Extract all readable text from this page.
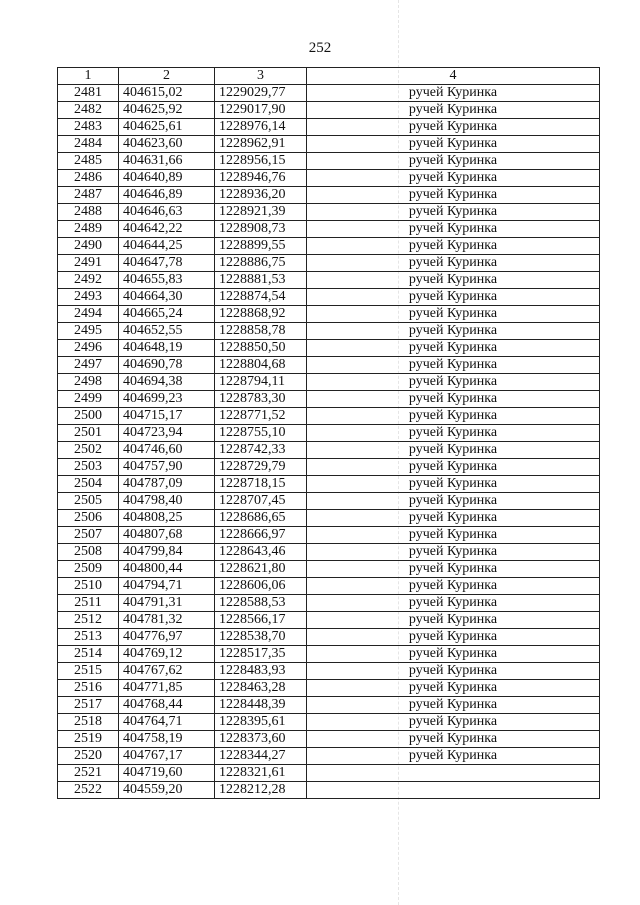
252
1	2	3	4
2481	404615,02	1229029,77	ручей Куринка
2482	404625,92	1229017,90	ручей Куринка
2483	404625,61	1228976,14	ручей Куринка
2484	404623,60	1228962,91	ручей Куринка
2485	404631,66	1228956,15	ручей Куринка
2486	404640,89	1228946,76	ручей Куринка
2487	404646,89	1228936,20	ручей Куринка
2488	404646,63	1228921,39	ручей Куринка
2489	404642,22	1228908,73	ручей Куринка
2490	404644,25	1228899,55	ручей Куринка
2491	404647,78	1228886,75	ручей Куринка
2492	404655,83	1228881,53	ручей Куринка
2493	404664,30	1228874,54	ручей Куринка
2494	404665,24	1228868,92	ручей Куринка
2495	404652,55	1228858,78	ручей Куринка
2496	404648,19	1228850,50	ручей Куринка
2497	404690,78	1228804,68	ручей Куринка
2498	404694,38	1228794,11	ручей Куринка
2499	404699,23	1228783,30	ручей Куринка
2500	404715,17	1228771,52	ручей Куринка
2501	404723,94	1228755,10	ручей Куринка
2502	404746,60	1228742,33	ручей Куринка
2503	404757,90	1228729,79	ручей Куринка
2504	404787,09	1228718,15	ручей Куринка
2505	404798,40	1228707,45	ручей Куринка
2506	404808,25	1228686,65	ручей Куринка
2507	404807,68	1228666,97	ручей Куринка
2508	404799,84	1228643,46	ручей Куринка
2509	404800,44	1228621,80	ручей Куринка
2510	404794,71	1228606,06	ручей Куринка
2511	404791,31	1228588,53	ручей Куринка
2512	404781,32	1228566,17	ручей Куринка
2513	404776,97	1228538,70	ручей Куринка
2514	404769,12	1228517,35	ручей Куринка
2515	404767,62	1228483,93	ручей Куринка
2516	404771,85	1228463,28	ручей Куринка
2517	404768,44	1228448,39	ручей Куринка
2518	404764,71	1228395,61	ручей Куринка
2519	404758,19	1228373,60	ручей Куринка
2520	404767,17	1228344,27	ручей Куринка
2521	404719,60	1228321,61	
2522	404559,20	1228212,28	
